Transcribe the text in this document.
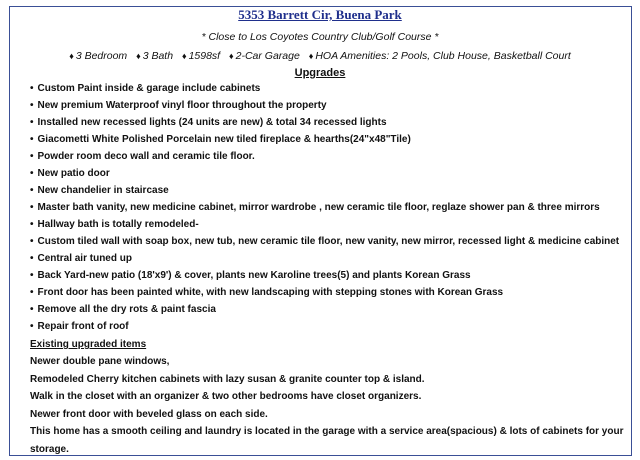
5353 Barrett Cir, Buena Park
* Close to Los Coyotes Country Club/Golf Course *
♦ 3 Bedroom ♦ 3 Bath ♦ 1598sf ♦ 2-Car Garage ♦ HOA Amenities: 2 Pools, Club House, Basketball Court
Upgrades
• Custom Paint inside & garage include cabinets
• New premium Waterproof vinyl floor throughout the property
• Installed new recessed lights (24 units are new) & total 34 recessed lights
• Giacometti White Polished Porcelain new tiled fireplace & hearths(24"x48"Tile)
• Powder room deco wall and ceramic tile floor.
• New patio door
• New chandelier in staircase
• Master bath vanity, new medicine cabinet, mirror wardrobe , new ceramic tile floor, reglaze shower pan & three mirrors
• Hallway bath is totally remodeled-
• Custom tiled wall with soap box, new tub, new ceramic tile floor, new vanity, new mirror, recessed light & medicine cabinet
• Central air tuned up
• Back Yard-new patio (18'x9') & cover, plants new Karoline trees(5) and plants Korean Grass
• Front door has been painted white, with new landscaping with stepping stones with Korean Grass
• Remove all the dry rots & paint fascia
• Repair front of roof
Existing upgraded items
Newer double pane windows,
Remodeled Cherry kitchen cabinets with lazy susan & granite counter top & island.
Walk in the closet with an organizer & two other bedrooms have closet organizers.
Newer front door with beveled glass on each side.
This home has a smooth ceiling and laundry is located in the garage with a service area(spacious) & lots of cabinets for your
storage.
